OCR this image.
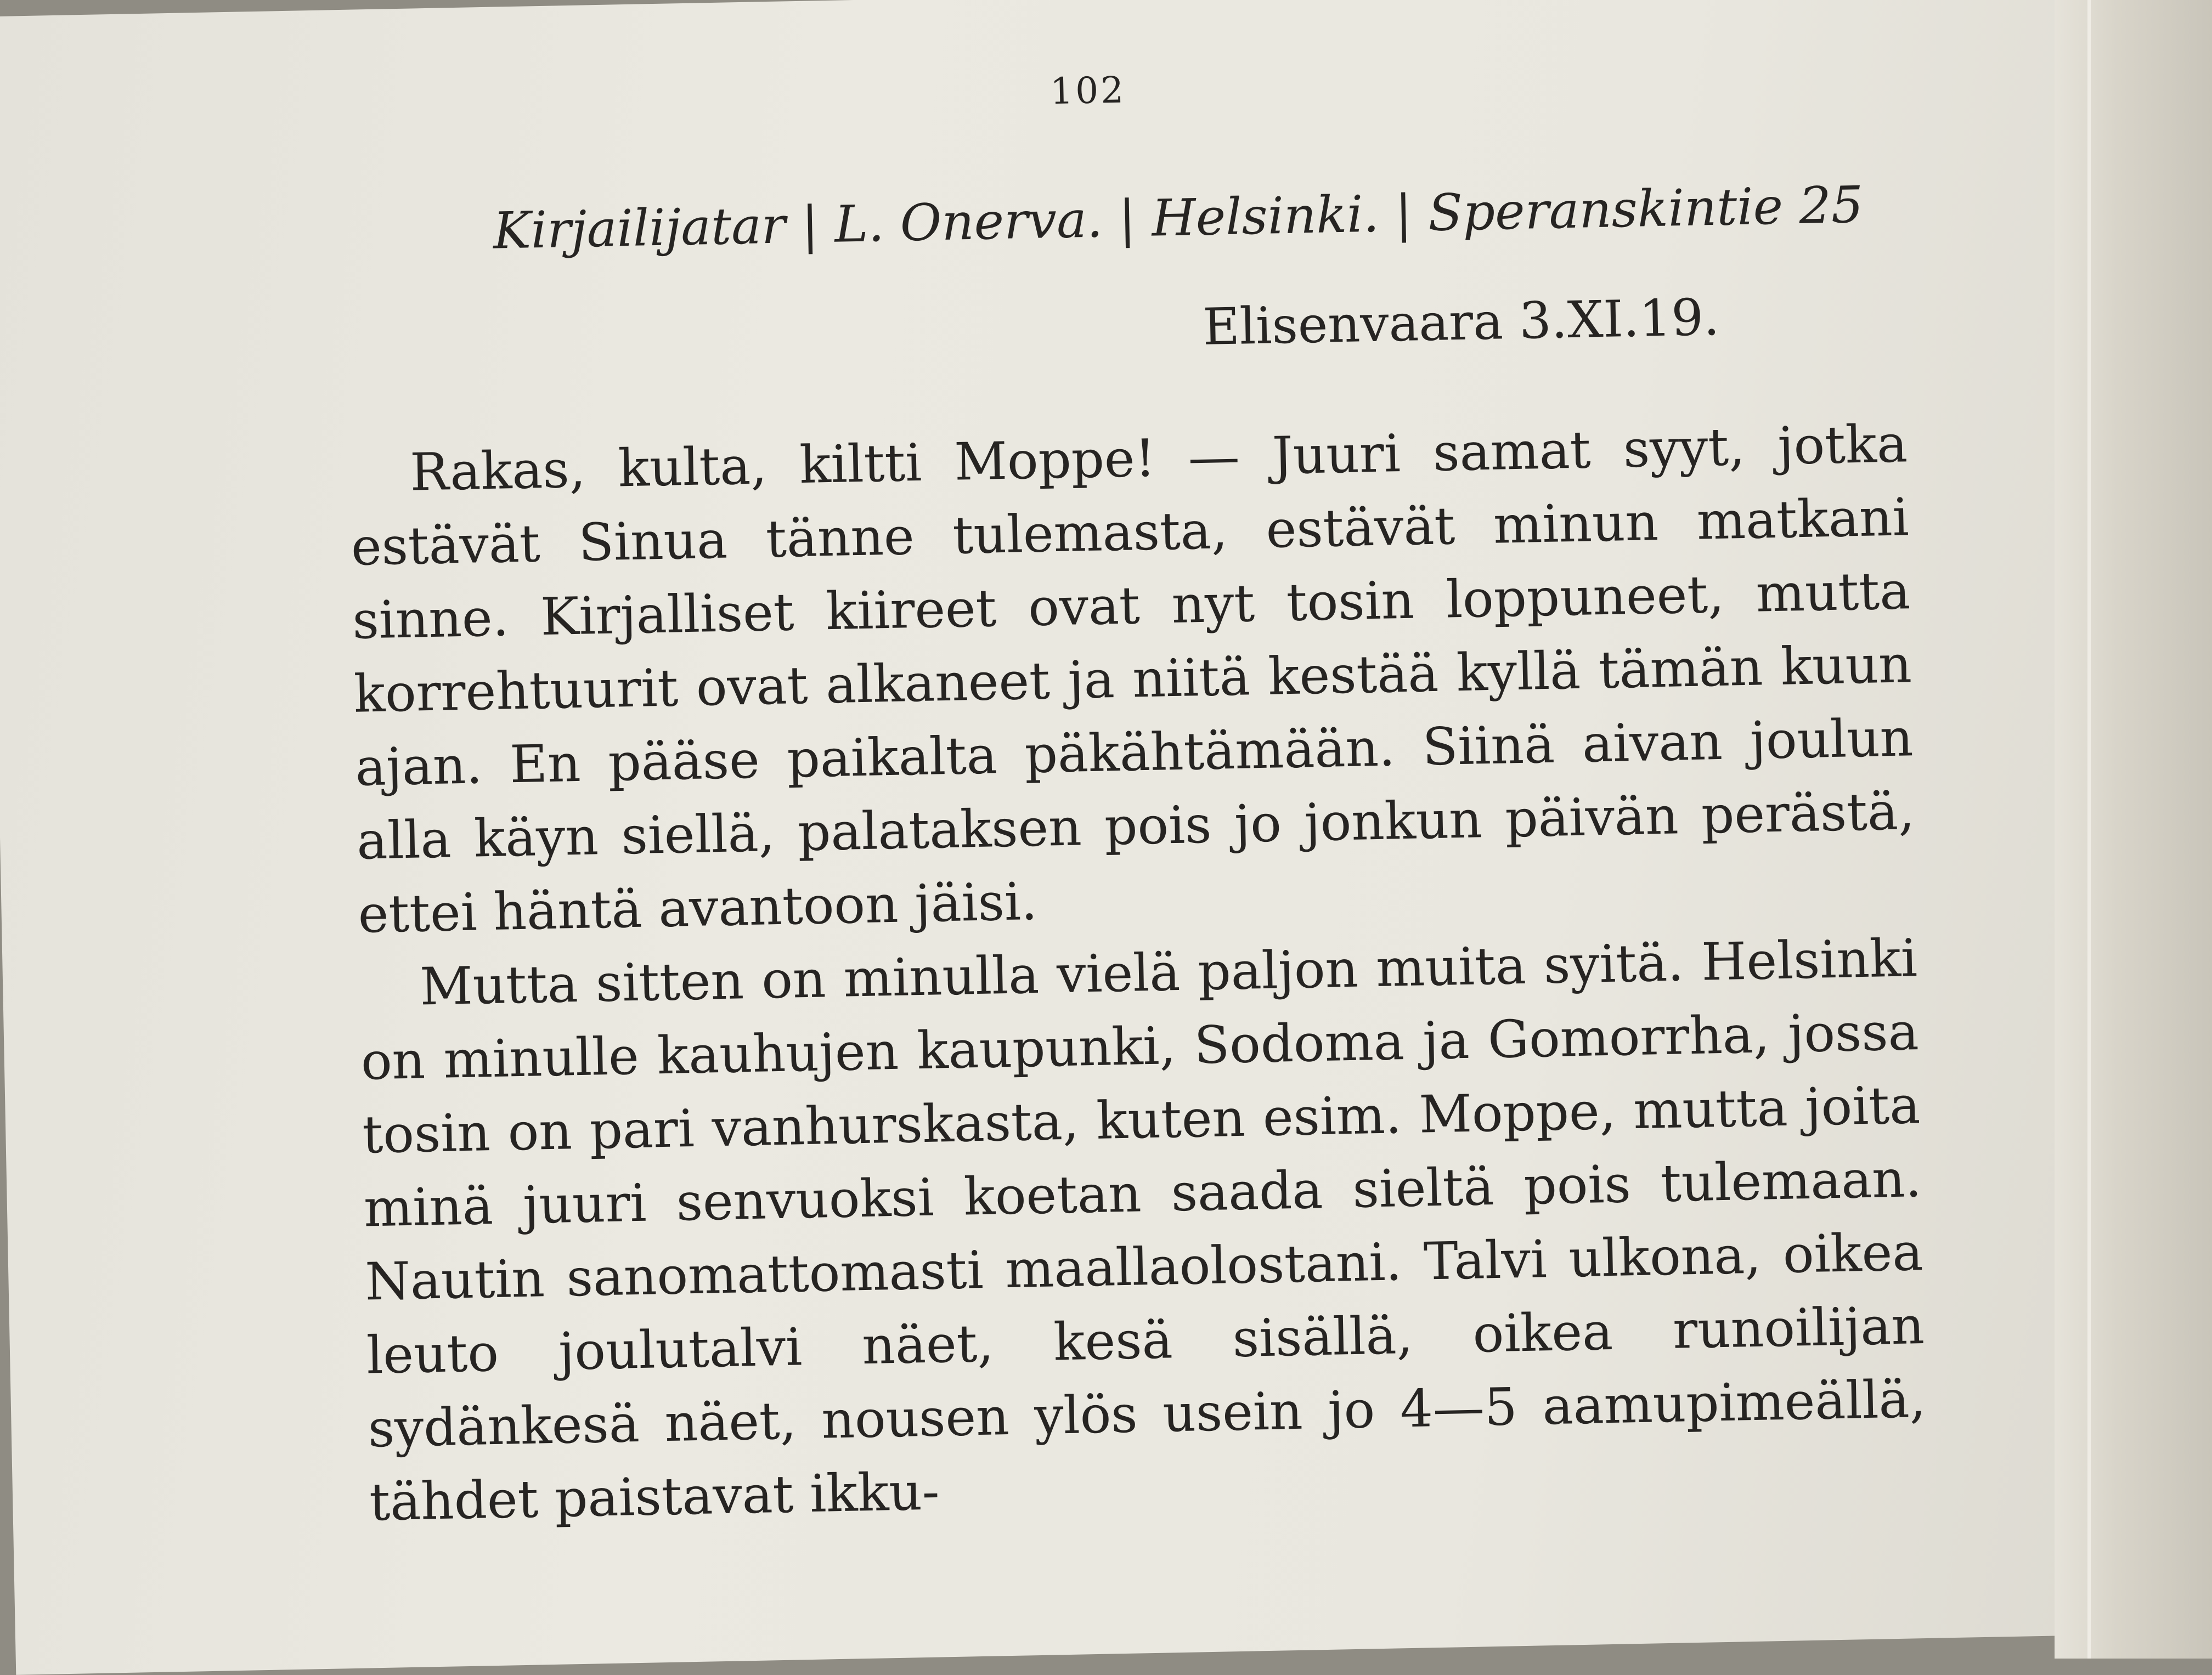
102
Kirjailijatar | L. Onerva. | Helsinki. | Speranskintie 25
Elisenvaara 3.XI.19.

Rakas, kulta, kiltti Moppe! — Juuri samat syyt, jotka estävät Sinua tänne tulemasta, estävät minun matkani sinne. Kirjalliset kiireet ovat nyt tosin loppuneet, mutta korrehtuurit ovat alkaneet ja niitä kestää kyllä tämän kuun ajan. En pääse paikalta päkähtämään. Siinä aivan joulun alla käyn siellä, palataksen pois jo jonkun päivän perästä, ettei häntä avantoon jäisi.

Mutta sitten on minulla vielä paljon muita syitä. Helsinki on minulle kauhujen kaupunki, Sodoma ja Gomorrha, jossa tosin on pari vanhurskasta, kuten esim. Moppe, mutta joita minä juuri senvuoksi koetan saada sieltä pois tulemaan. Nautin sanomattomasti maallaolostani. Talvi ulkona, oikea leuto joulutalvi näet, kesä sisällä, oikea runoilijan sydänkesä näet, nousen ylös usein jo 4—5 aamupimeällä, tähdet paistavat ikku-
